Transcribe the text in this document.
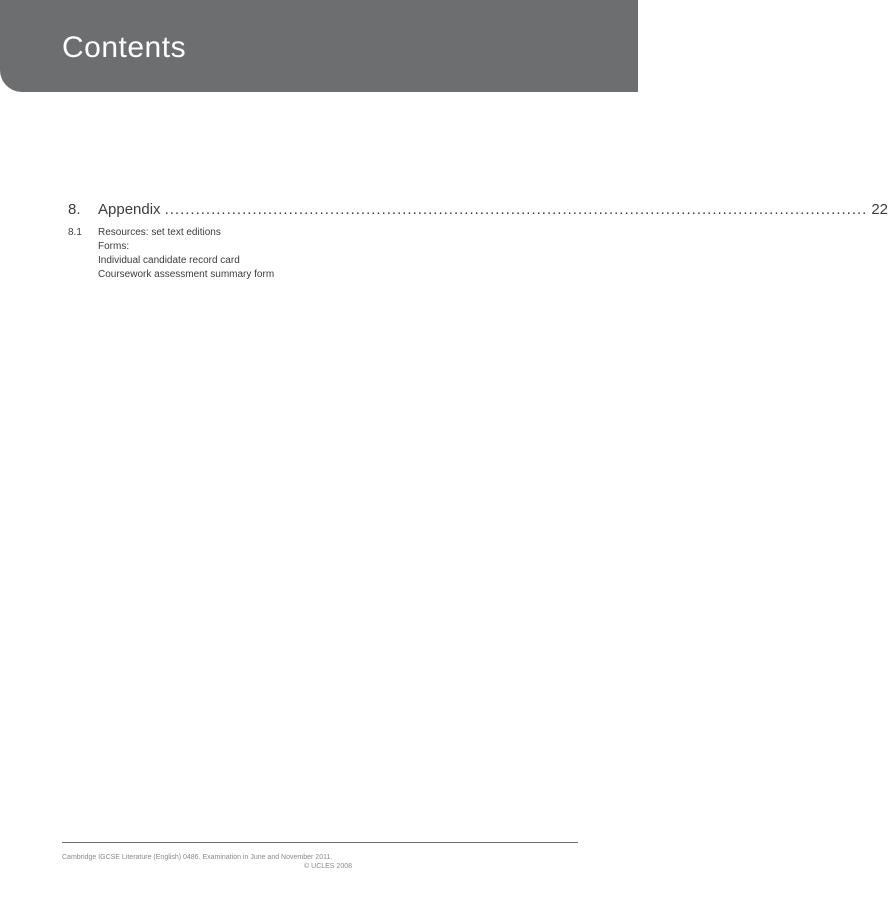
Contents
8.	Appendix ........................................................................................................................................ 22
8.1	Resources: set text editions
Forms:
Individual candidate record card
Coursework assessment summary form
Cambridge IGCSE Literature (English) 0486. Examination in June and November 2011.
© UCLES 2008
